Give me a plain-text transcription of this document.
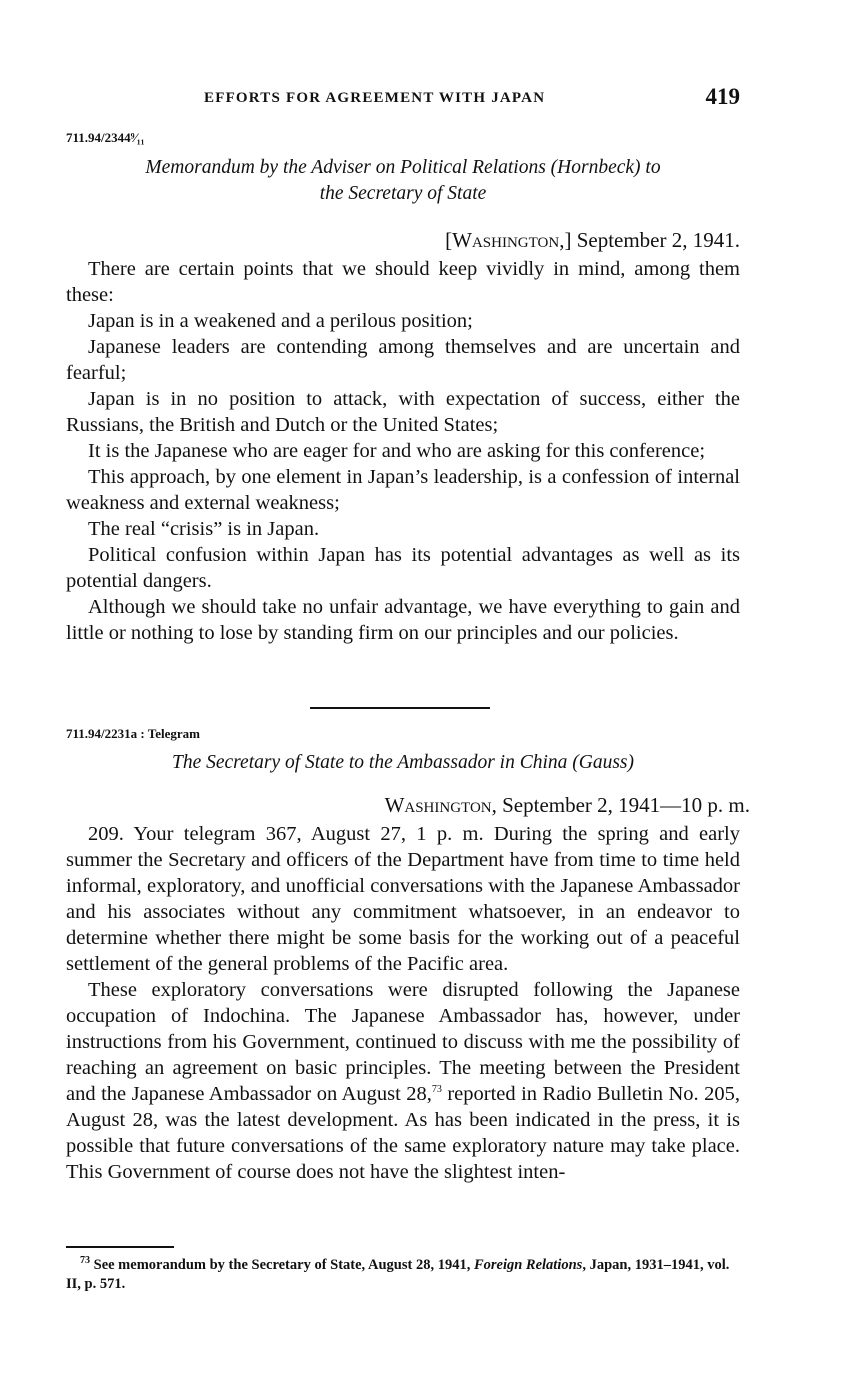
EFFORTS FOR AGREEMENT WITH JAPAN	419
711.94/2344⁹⁄₁₁
Memorandum by the Adviser on Political Relations (Hornbeck) to
the Secretary of State
[Washington,] September 2, 1941.

There are certain points that we should keep vividly in mind, among them these:

Japan is in a weakened and a perilous position;

Japanese leaders are contending among themselves and are uncertain and fearful;

Japan is in no position to attack, with expectation of success, either the Russians, the British and Dutch or the United States;

It is the Japanese who are eager for and who are asking for this conference;

This approach, by one element in Japan’s leadership, is a confession of internal weakness and external weakness;

The real “crisis” is in Japan.

Political confusion within Japan has its potential advantages as well as its potential dangers.

Although we should take no unfair advantage, we have everything to gain and little or nothing to lose by standing firm on our principles and our policies.

711.94/2231a : Telegram
The Secretary of State to the Ambassador in China (Gauss)
Washington, September 2, 1941—10 p. m.

209. Your telegram 367, August 27, 1 p. m. During the spring and early summer the Secretary and officers of the Department have from time to time held informal, exploratory, and unofficial conversations with the Japanese Ambassador and his associates without any commitment whatsoever, in an endeavor to determine whether there might be some basis for the working out of a peaceful settlement of the general problems of the Pacific area.

These exploratory conversations were disrupted following the Japanese occupation of Indochina. The Japanese Ambassador has, however, under instructions from his Government, continued to discuss with me the possibility of reaching an agreement on basic principles. The meeting between the President and the Japanese Ambassador on August 28,73 reported in Radio Bulletin No. 205, August 28, was the latest development. As has been indicated in the press, it is possible that future conversations of the same exploratory nature may take place. This Government of course does not have the slightest inten-

$^{73}$ See memorandum by the Secretary of State, August 28, 1941, Foreign Relations, Japan, 1931–1941, vol. II, p. 571.
